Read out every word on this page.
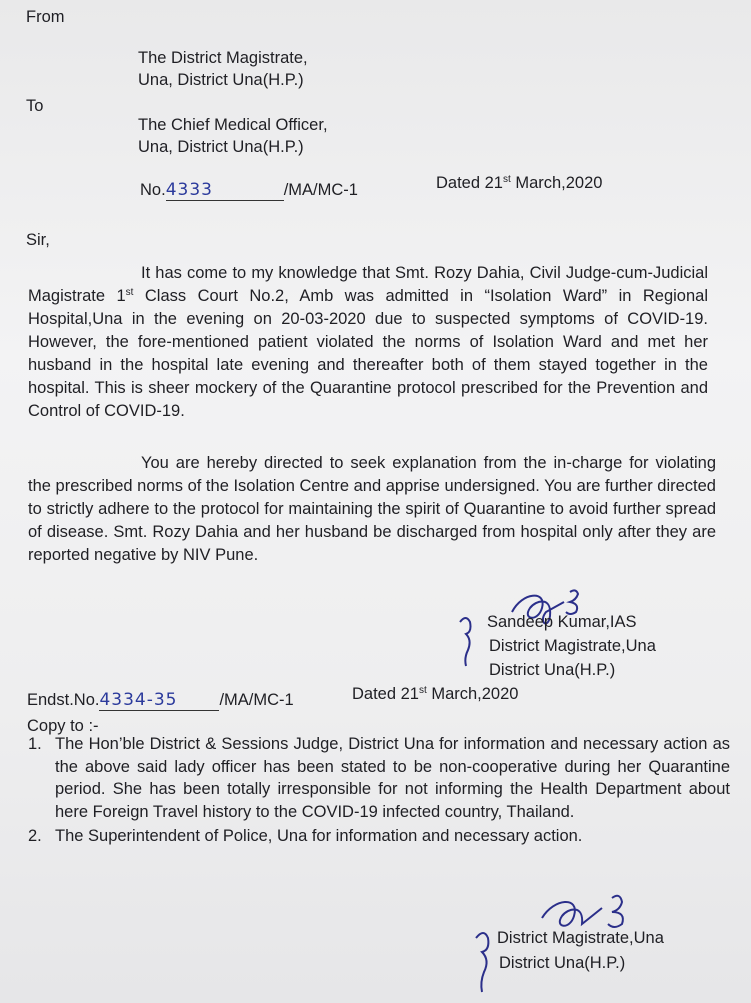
From
The District Magistrate,
Una, District Una(H.P.)
To
The Chief Medical Officer,
Una, District Una(H.P.)
No.4333	/MA/MC-1	Dated 21st March,2020
Sir,
It has come to my knowledge that Smt. Rozy Dahia, Civil Judge-cum-Judicial Magistrate 1st Class Court No.2, Amb was admitted in “Isolation Ward” in Regional Hospital,Una in the evening on 20-03-2020 due to suspected symptoms of COVID-19. However, the fore-mentioned patient violated the norms of Isolation Ward and met her husband in the hospital late evening and thereafter both of them stayed together in the hospital. This is sheer mockery of the Quarantine protocol prescribed for the Prevention and Control of COVID-19.
You are hereby directed to seek explanation from the in-charge for violating the prescribed norms of the Isolation Centre and apprise undersigned. You are further directed to strictly adhere to the protocol for maintaining the spirit of Quarantine to avoid further spread of disease. Smt. Rozy Dahia and her husband be discharged from hospital only after they are reported negative by NIV Pune.
Sandeep Kumar,IAS
District Magistrate,Una
District Una(H.P.)
Endst.No.4334-35	/MA/MC-1	Dated 21st March,2020
Copy to :-
1. The Hon’ble District & Sessions Judge, District Una for information and necessary action as the above said lady officer has been stated to be non-cooperative during her Quarantine period. She has been totally irresponsible for not informing the Health Department about here Foreign Travel history to the COVID-19 infected country, Thailand.
2. The Superintendent of Police, Una for information and necessary action.
District Magistrate,Una
District Una(H.P.)
